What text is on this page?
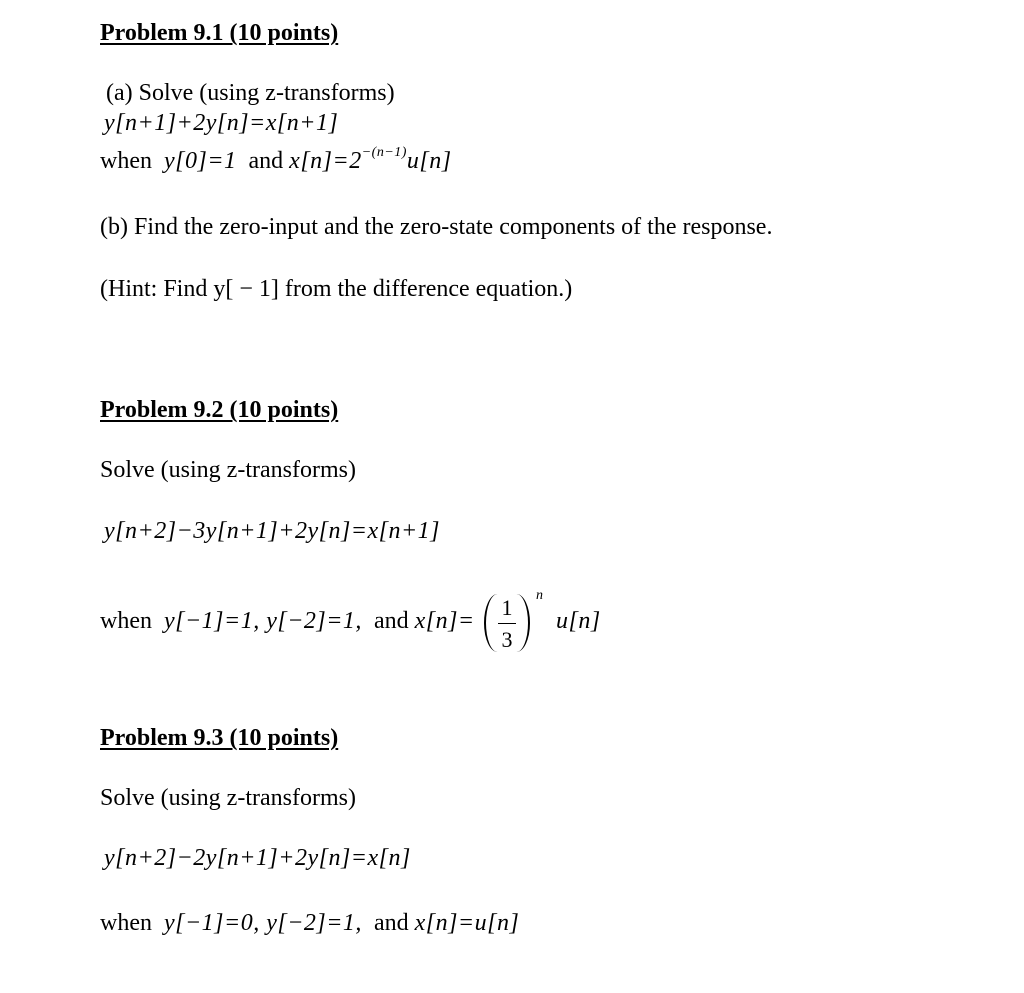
Problem 9.1 (10 points)
(a) Solve (using z-transforms)
y[n+1]+2y[n]=x[n+1]
when y[0]=1 and $x[n]=2^{-(n-1)}u[n]$
(b) Find the zero-input and the zero-state components of the response.
(Hint: Find y[ − 1] from the difference equation.)
Problem 9.2 (10 points)
Solve (using z-transforms)
y[n+2]−3y[n+1]+2y[n]=x[n+1]
when y[−1]=1, y[−2]=1, and x[n]=
1
3
n
u[n]
Problem 9.3 (10 points)
Solve (using z-transforms)
y[n+2]−2y[n+1]+2y[n]=x[n]
when y[−1]=0, y[−2]=1, and x[n]=u[n]
